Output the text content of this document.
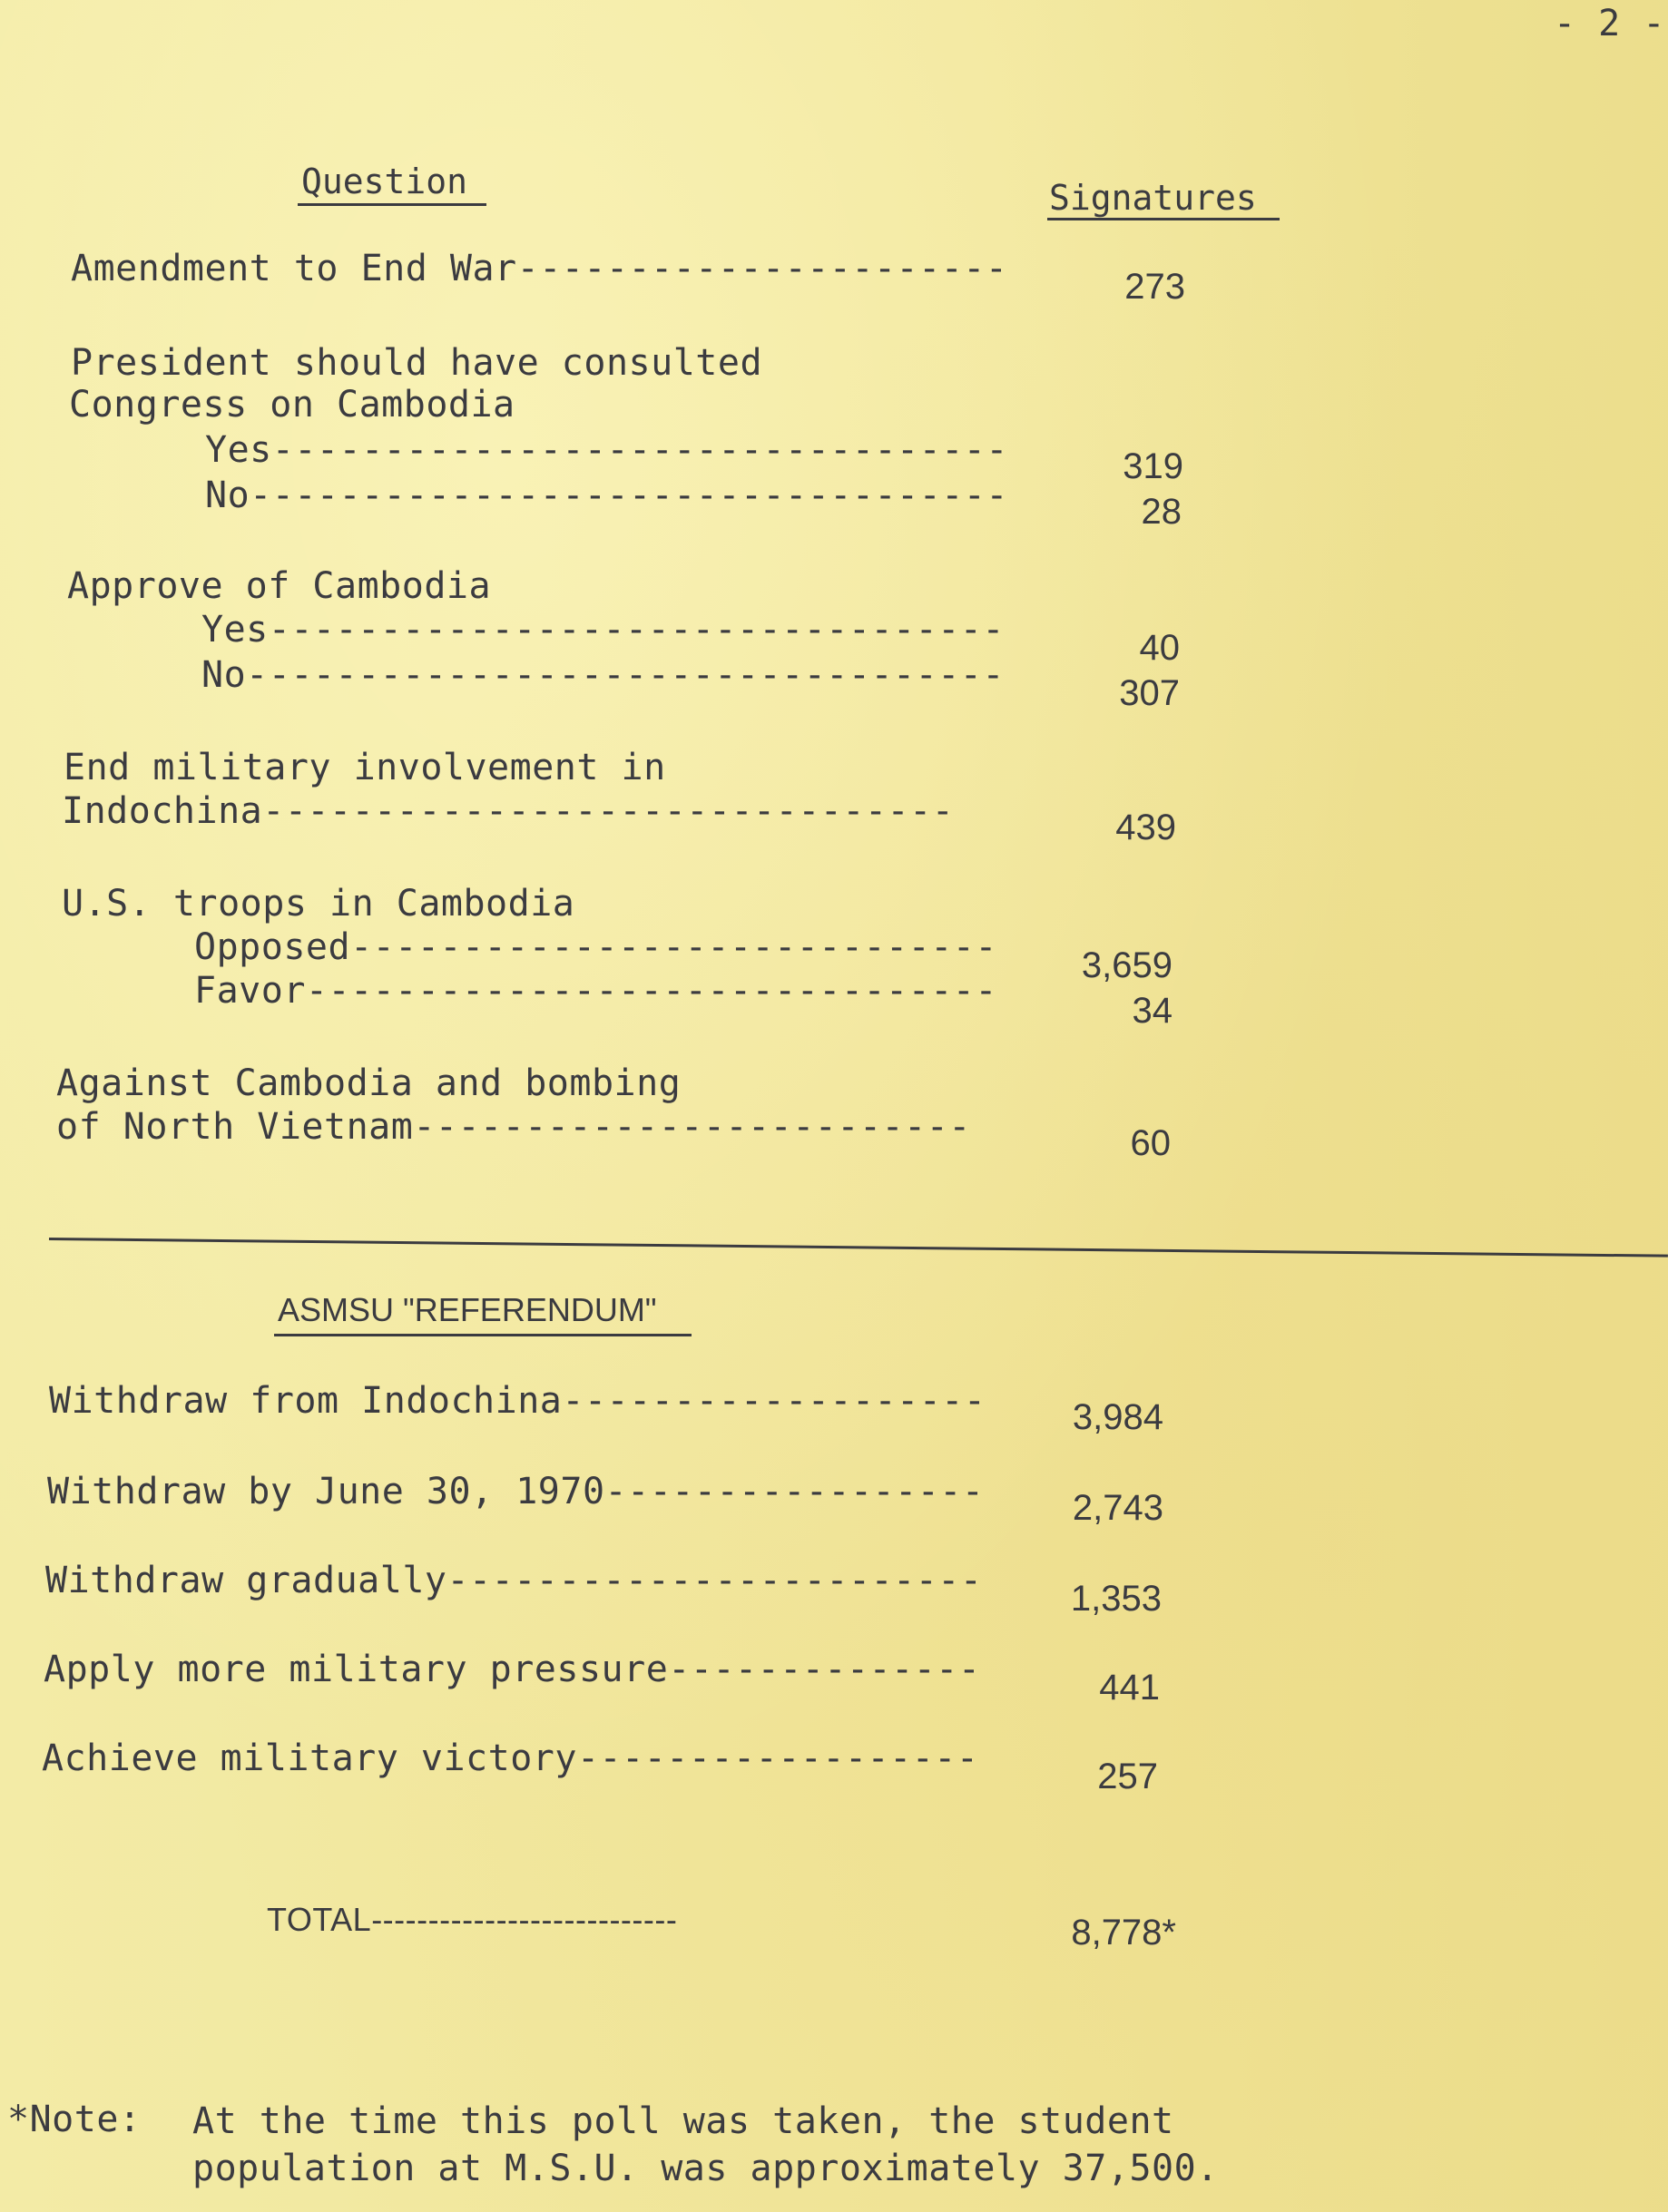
- 2 -
Question	Signatures
Amendment to End War----------------------	273
President should have consulted
Congress on Cambodia
Yes---------------------------------	319
No----------------------------------	28
Approve of Cambodia
Yes---------------------------------	40
No----------------------------------	307
End military involvement in
Indochina-------------------------------	439
U.S. troops in Cambodia
Opposed-----------------------------	3,659
Favor-------------------------------	34
Against Cambodia and bombing
of North Vietnam-------------------------	60
ASMSU "REFERENDUM"
Withdraw from Indochina-------------------	3,984
Withdraw by June 30, 1970-----------------	2,743
Withdraw gradually------------------------	1,353
Apply more military pressure--------------	441
Achieve military victory------------------	257
TOTAL---------------------------	8,778*
*Note: At the time this poll was taken, the student
population at M.S.U. was approximately 37,500.
